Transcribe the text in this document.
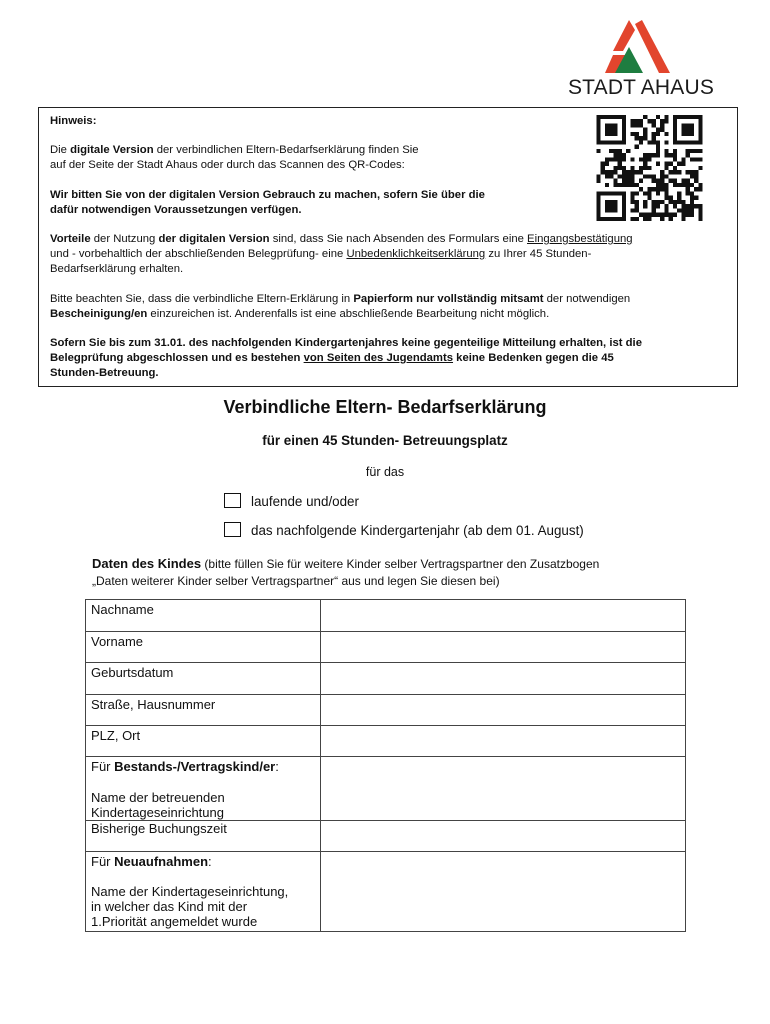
STADT AHAUS

Hinweis:

Die digitale Version der verbindlichen Eltern-Bedarfserklärung finden Sie
auf der Seite der Stadt Ahaus oder durch das Scannen des QR-Codes:

Wir bitten Sie von der digitalen Version Gebrauch zu machen, sofern Sie über die
dafür notwendigen Voraussetzungen verfügen.

Vorteile der Nutzung der digitalen Version sind, dass Sie nach Absenden des Formulars eine Eingangsbestätigung
und - vorbehaltlich der abschließenden Belegprüfung- eine Unbedenklichkeitserklärung zu Ihrer 45 Stunden-
Bedarfserklärung erhalten.

Bitte beachten Sie, dass die verbindliche Eltern-Erklärung in Papierform nur vollständig mitsamt der notwendigen
Bescheinigung/en einzureichen ist. Anderenfalls ist eine abschließende Bearbeitung nicht möglich.

Sofern Sie bis zum 31.01. des nachfolgenden Kindergartenjahres keine gegenteilige Mitteilung erhalten, ist die
Belegprüfung abgeschlossen und es bestehen von Seiten des Jugendamts keine Bedenken gegen die 45
Stunden-Betreuung.

Verbindliche Eltern- Bedarfserklärung
für einen 45 Stunden- Betreuungsplatz
für das
laufende und/oder
das nachfolgende Kindergartenjahr (ab dem 01. August)
Daten des Kindes (bitte füllen Sie für weitere Kinder selber Vertragspartner den Zusatzbogen
„Daten weiterer Kinder selber Vertragspartner“ aus und legen Sie diesen bei)
Nachname	

Vorname	

Geburtsdatum	

Straße, Hausnummer	

PLZ, Ort	

Für Bestands-/Vertragskind/er:
Name der betreuenden
Kindertageseinrichtung	

Bisherige Buchungszeit	

Für Neuaufnahmen:
Name der Kindertageseinrichtung,
in welcher das Kind mit der
1.Priorität angemeldet wurde	
